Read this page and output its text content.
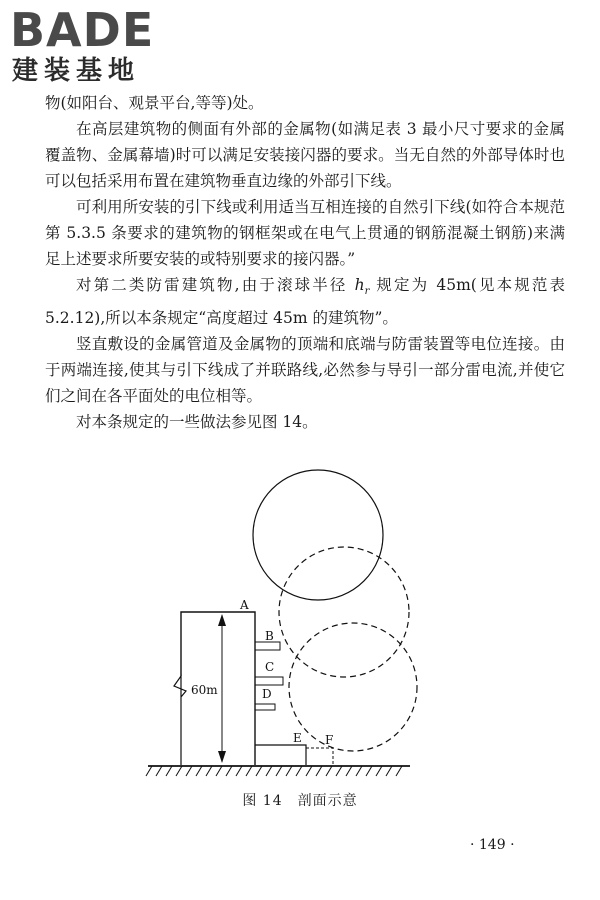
BADE
建装基地

物(如阳台、观景平台,等等)处。

在高层建筑物的侧面有外部的金属物(如满足表 3 最小尺寸要求的金属覆盖物、金属幕墙)时可以满足安装接闪器的要求。当无自然的外部导体时也可以包括采用布置在建筑物垂直边缘的外部引下线。

可利用所安装的引下线或利用适当互相连接的自然引下线(如符合本规范第 5.3.5 条要求的建筑物的钢框架或在电气上贯通的钢筋混凝土钢筋)来满足上述要求所要安装的或特别要求的接闪器。”

对第二类防雷建筑物,由于滚球半径 $h_r$ 规定为 45m(见本规范表 5.2.12),所以本条规定“高度超过 45m 的建筑物”。

竖直敷设的金属管道及金属物的顶端和底端与防雷装置等电位连接。由于两端连接,使其与引下线成了并联路线,必然参与导引一部分雷电流,并使它们之间在各平面处的电位相等。

对本条规定的一些做法参见图 14。

A
B
C
D
E F
60m
图 14　剖面示意
· 149 ·
